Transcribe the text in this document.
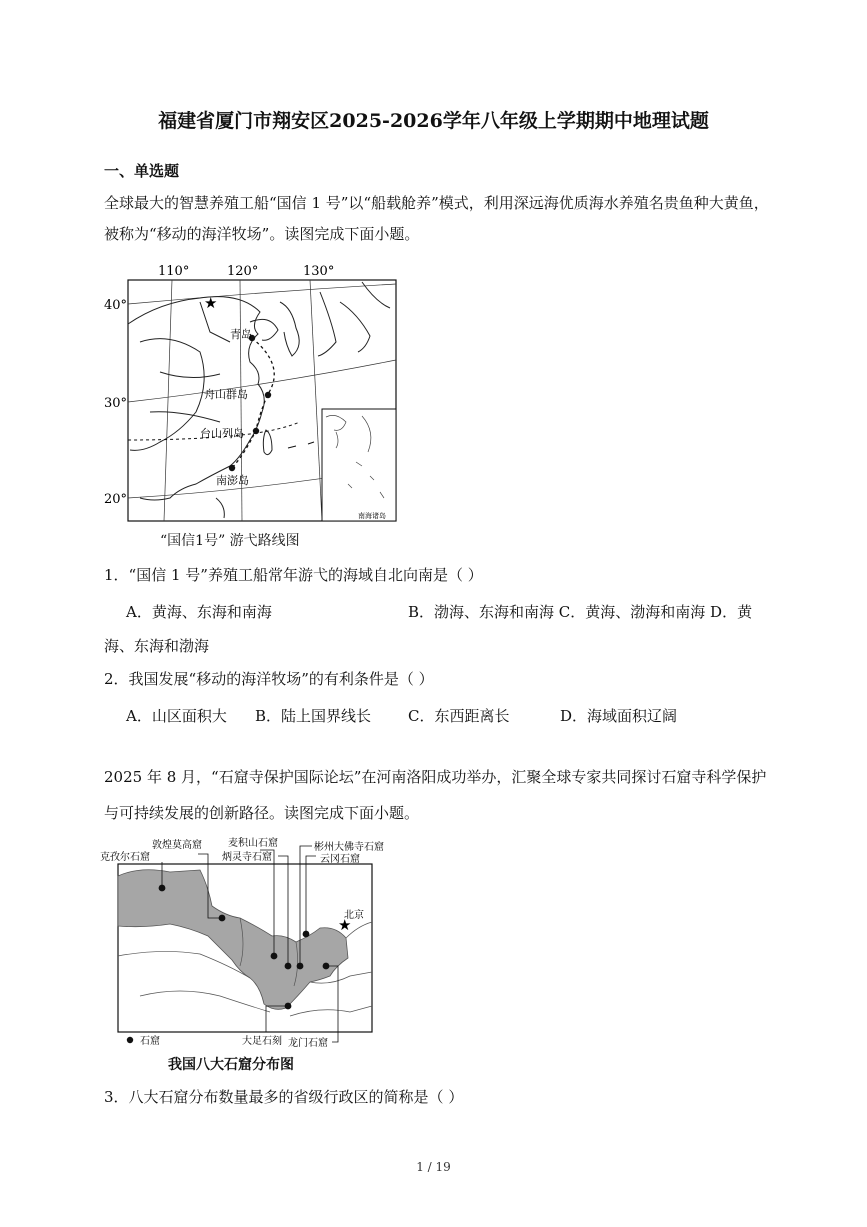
福建省厦门市翔安区2025-2026学年八年级上学期期中地理试题
一、单选题
全球最大的智慧养殖工船“国信 1 号”以“船载舱养”模式，利用深远海优质海水养殖名贵鱼种大黄鱼，
被称为“移动的海洋牧场”。读图完成下面小题。
110°	120°	130°
40°
30°
20°
★
青岛
舟山群岛
台山列岛
南澎岛
南海诸岛
“国信1号” 游弋路线图
1．“国信 1 号”养殖工船常年游弋的海域自北向南是（ ）
A．黄海、东海和南海	B．渤海、东海和南海 C．黄海、渤海和南海 D．黄
海、东海和渤海
2．我国发展“移动的海洋牧场”的有利条件是（ ）
A．山区面积大 B．陆上国界线长 C．东西距离长	D．海域面积辽阔
2025 年 8 月，“石窟寺保护国际论坛”在河南洛阳成功举办，汇聚全球专家共同探讨石窟寺科学保护
与可持续发展的创新路径。读图完成下面小题。
★
北京
克孜尔石窟
敦煌莫高窟	麦积山石窟
炳灵寺石窟
彬州大佛寺石窟
云冈石窟
大足石刻 龙门石窟
石窟
我国八大石窟分布图
3．八大石窟分布数量最多的省级行政区的简称是（ ）
1 / 19
